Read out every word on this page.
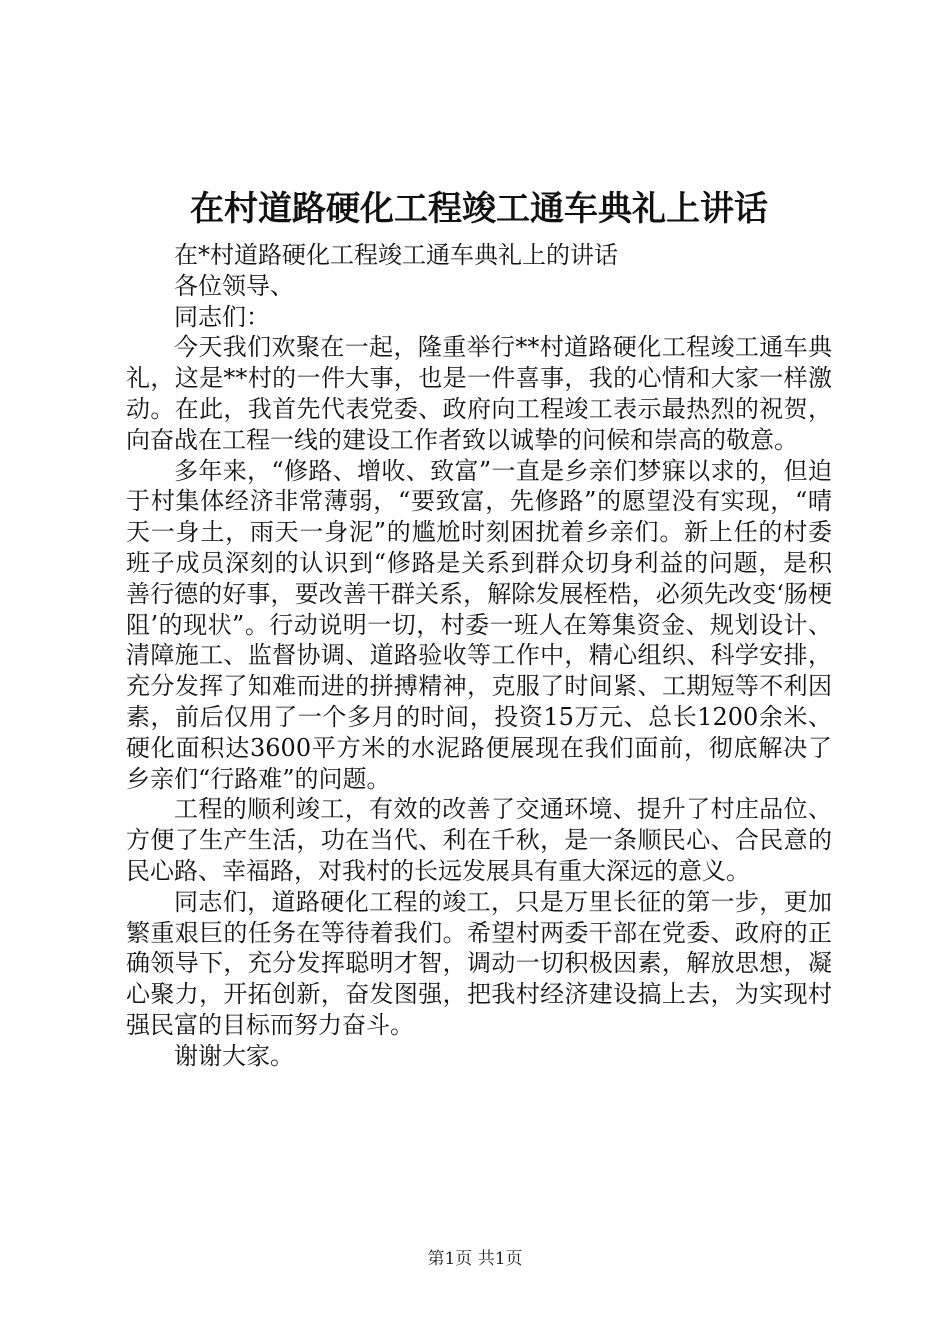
在村道路硬化工程竣工通车典礼上讲话

在*村道路硬化工程竣工通车典礼上的讲话

各位领导、

同志们：

今天我们欢聚在一起，隆重举行**村道路硬化工程竣工通车典礼，这是**村的一件大事，也是一件喜事，我的心情和大家一样激动。在此，我首先代表党委、政府向工程竣工表示最热烈的祝贺，向奋战在工程一线的建设工作者致以诚挚的问候和崇高的敬意。

多年来，“修路、增收、致富”一直是乡亲们梦寐以求的，但迫于村集体经济非常薄弱，“要致富，先修路”的愿望没有实现，“晴天一身土，雨天一身泥”的尴尬时刻困扰着乡亲们。新上任的村委班子成员深刻的认识到“修路是关系到群众切身利益的问题，是积善行德的好事，要改善干群关系，解除发展桎梏，必须先改变‘肠梗阻’的现状”。行动说明一切，村委一班人在筹集资金、规划设计、清障施工、监督协调、道路验收等工作中，精心组织、科学安排，充分发挥了知难而进的拼搏精神，克服了时间紧、工期短等不利因素，前后仅用了一个多月的时间，投资15万元、总长1200余米、硬化面积达3600平方米的水泥路便展现在我们面前，彻底解决了乡亲们“行路难”的问题。

工程的顺利竣工，有效的改善了交通环境、提升了村庄品位、方便了生产生活，功在当代、利在千秋，是一条顺民心、合民意的民心路、幸福路，对我村的长远发展具有重大深远的意义。

同志们，道路硬化工程的竣工，只是万里长征的第一步，更加繁重艰巨的任务在等待着我们。希望村两委干部在党委、政府的正确领导下，充分发挥聪明才智，调动一切积极因素，解放思想，凝心聚力，开拓创新，奋发图强，把我村经济建设搞上去，为实现村强民富的目标而努力奋斗。

谢谢大家。

第1页 共1页
